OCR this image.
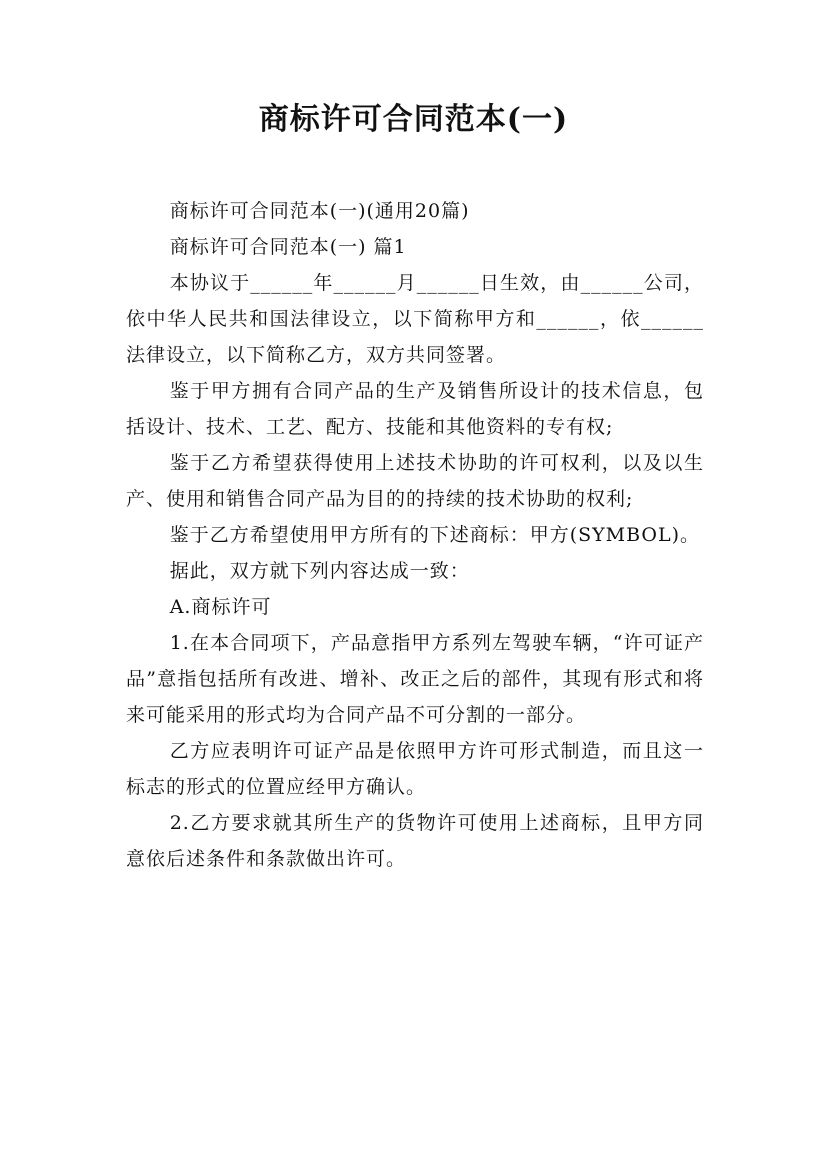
商标许可合同范本(一)

商标许可合同范本(一)(通用20篇)

商标许可合同范本(一) 篇1

本协议于______年______月______日生效，由______公司，依中华人民共和国法律设立，以下简称甲方和______，依______法律设立，以下简称乙方，双方共同签署。

鉴于甲方拥有合同产品的生产及销售所设计的技术信息，包括设计、技术、工艺、配方、技能和其他资料的专有权;

鉴于乙方希望获得使用上述技术协助的许可权利，以及以生产、使用和销售合同产品为目的的持续的技术协助的权利;

鉴于乙方希望使用甲方所有的下述商标：甲方(SYMBOL)。

据此，双方就下列内容达成一致：

A.商标许可

1.在本合同项下，产品意指甲方系列左驾驶车辆，“许可证产品”意指包括所有改进、增补、改正之后的部件，其现有形式和将来可能采用的形式均为合同产品不可分割的一部分。

乙方应表明许可证产品是依照甲方许可形式制造，而且这一标志的形式的位置应经甲方确认。

2.乙方要求就其所生产的货物许可使用上述商标，且甲方同意依后述条件和条款做出许可。
